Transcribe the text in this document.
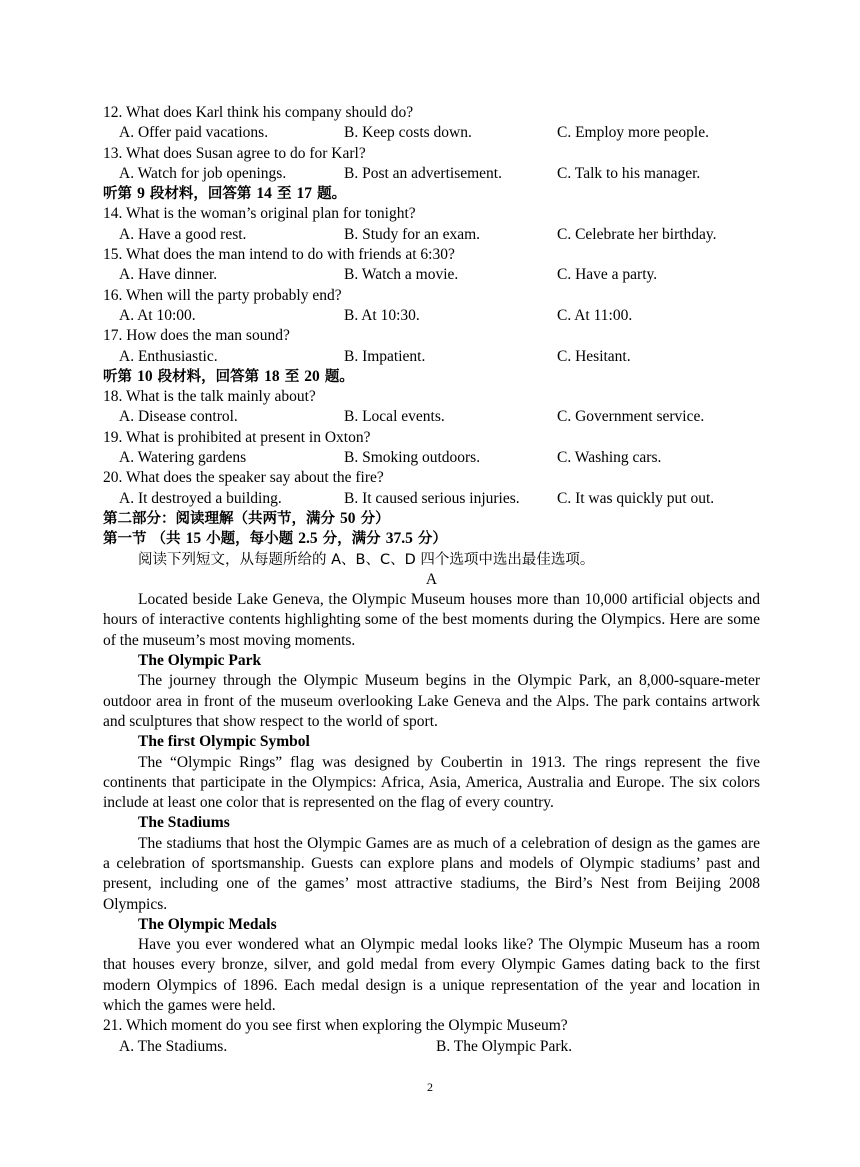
12. What does Karl think his company should do?
A. Offer paid vacations.	B. Keep costs down.	C. Employ more people.
13. What does Susan agree to do for Karl?
A. Watch for job openings.	B. Post an advertisement.	C. Talk to his manager.
听第 9 段材料，回答第 14 至 17 题。
14. What is the woman’s original plan for tonight?
A. Have a good rest.	B. Study for an exam.	C. Celebrate her birthday.
15. What does the man intend to do with friends at 6:30?
A. Have dinner.	B. Watch a movie.	C. Have a party.
16. When will the party probably end?
A. At 10:00.	B. At 10:30.	C. At 11:00.
17. How does the man sound?
A. Enthusiastic.	B. Impatient.	C. Hesitant.
听第 10 段材料，回答第 18 至 20 题。
18. What is the talk mainly about?
A. Disease control.	B. Local events.	C. Government service.
19. What is prohibited at present in Oxton?
A. Watering gardens	B. Smoking outdoors.	C. Washing cars.
20. What does the speaker say about the fire?
A. It destroyed a building.	B. It caused serious injuries. C. It was quickly put out.
第二部分：阅读理解（共两节，满分 50 分）
第一节 （共 15 小题，每小题 2.5 分，满分 37.5 分）
阅读下列短文，从每题所给的 A、B、C、D 四个选项中选出最佳选项。
A
Located beside Lake Geneva, the Olympic Museum houses more than 10,000 artificial objects and hours of interactive contents highlighting some of the best moments during the Olympics. Here are some of the museum’s most moving moments.
The Olympic Park
The journey through the Olympic Museum begins in the Olympic Park, an 8,000-square-meter outdoor area in front of the museum overlooking Lake Geneva and the Alps. The park contains artwork and sculptures that show respect to the world of sport.
The first Olympic Symbol
The “Olympic Rings” flag was designed by Coubertin in 1913. The rings represent the five continents that participate in the Olympics: Africa, Asia, America, Australia and Europe. The six colors include at least one color that is represented on the flag of every country.
The Stadiums
The stadiums that host the Olympic Games are as much of a celebration of design as the games are a celebration of sportsmanship. Guests can explore plans and models of Olympic stadiums’ past and present, including one of the games’ most attractive stadiums, the Bird’s Nest from Beijing 2008 Olympics.
The Olympic Medals
Have you ever wondered what an Olympic medal looks like? The Olympic Museum has a room that houses every bronze, silver, and gold medal from every Olympic Games dating back to the first modern Olympics of 1896. Each medal design is a unique representation of the year and location in which the games were held.
21. Which moment do you see first when exploring the Olympic Museum?
A. The Stadiums.	B. The Olympic Park.
2
